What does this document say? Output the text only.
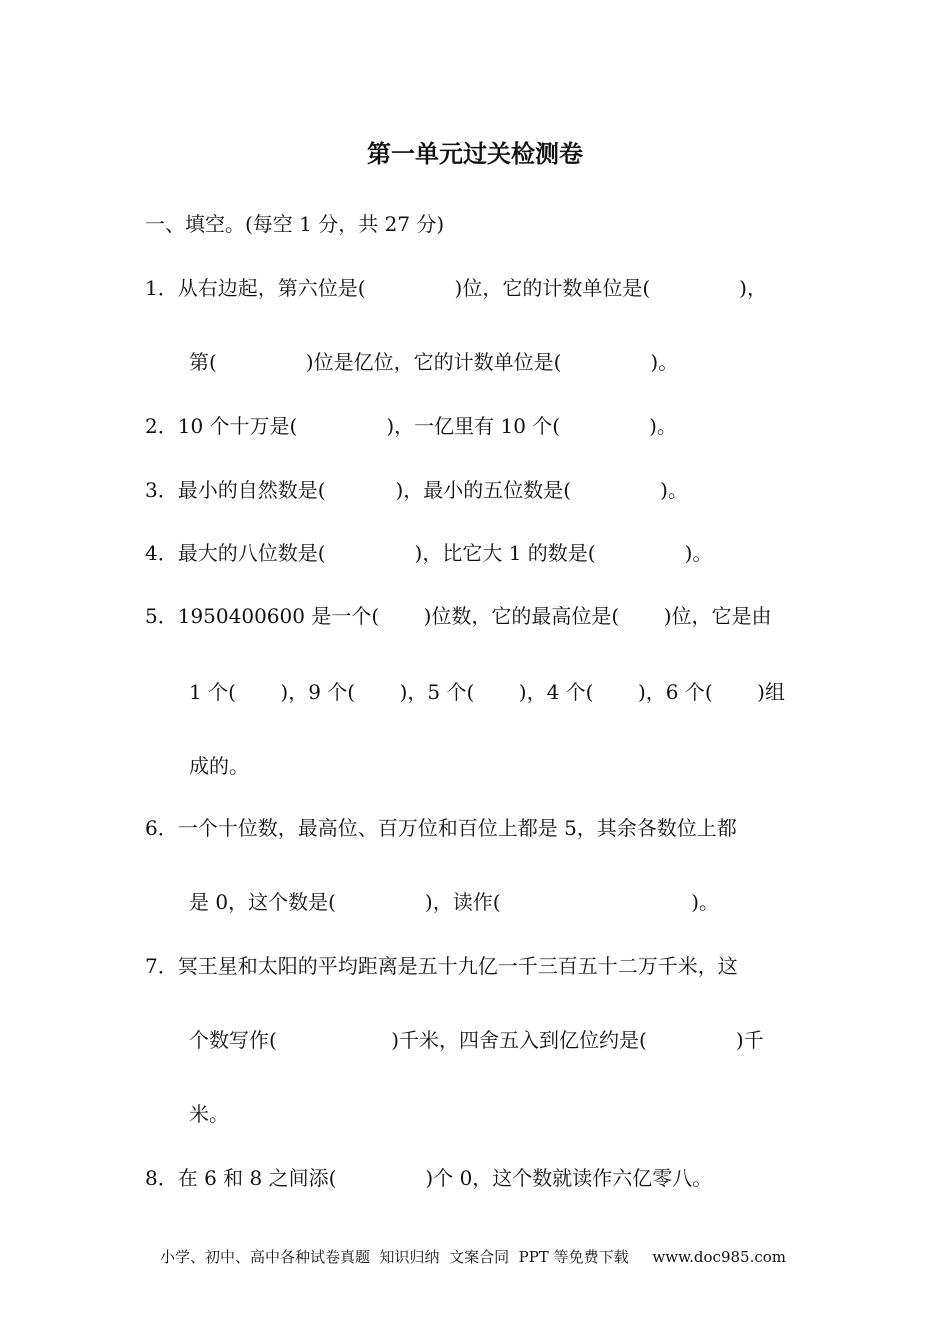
第一单元过关检测卷
一、填空。(每空 1 分，共 27 分)
1．从右边起，第六位是(              )位，它的计数单位是(              )，
第(              )位是亿位，它的计数单位是(              )。
2．10 个十万是(              )，一亿里有 10 个(              )。
3．最小的自然数是(           )，最小的五位数是(              )。
4．最大的八位数是(              )，比它大 1 的数是(              )。
5．1950400600 是一个(       )位数，它的最高位是(       )位，它是由
1 个(       )，9 个(       )，5 个(       )，4 个(       )，6 个(       )组
成的。
6．一个十位数，最高位、百万位和百位上都是 5，其余各数位上都
是 0，这个数是(              )，读作(                              )。
7．冥王星和太阳的平均距离是五十九亿一千三百五十二万千米，这
个数写作(                  )千米，四舍五入到亿位约是(              )千
米。
8．在 6 和 8 之间添(              )个 0，这个数就读作六亿零八。
小学、初中、高中各种试卷真题  知识归纳  文案合同  PPT 等免费下载     www.doc985.com
